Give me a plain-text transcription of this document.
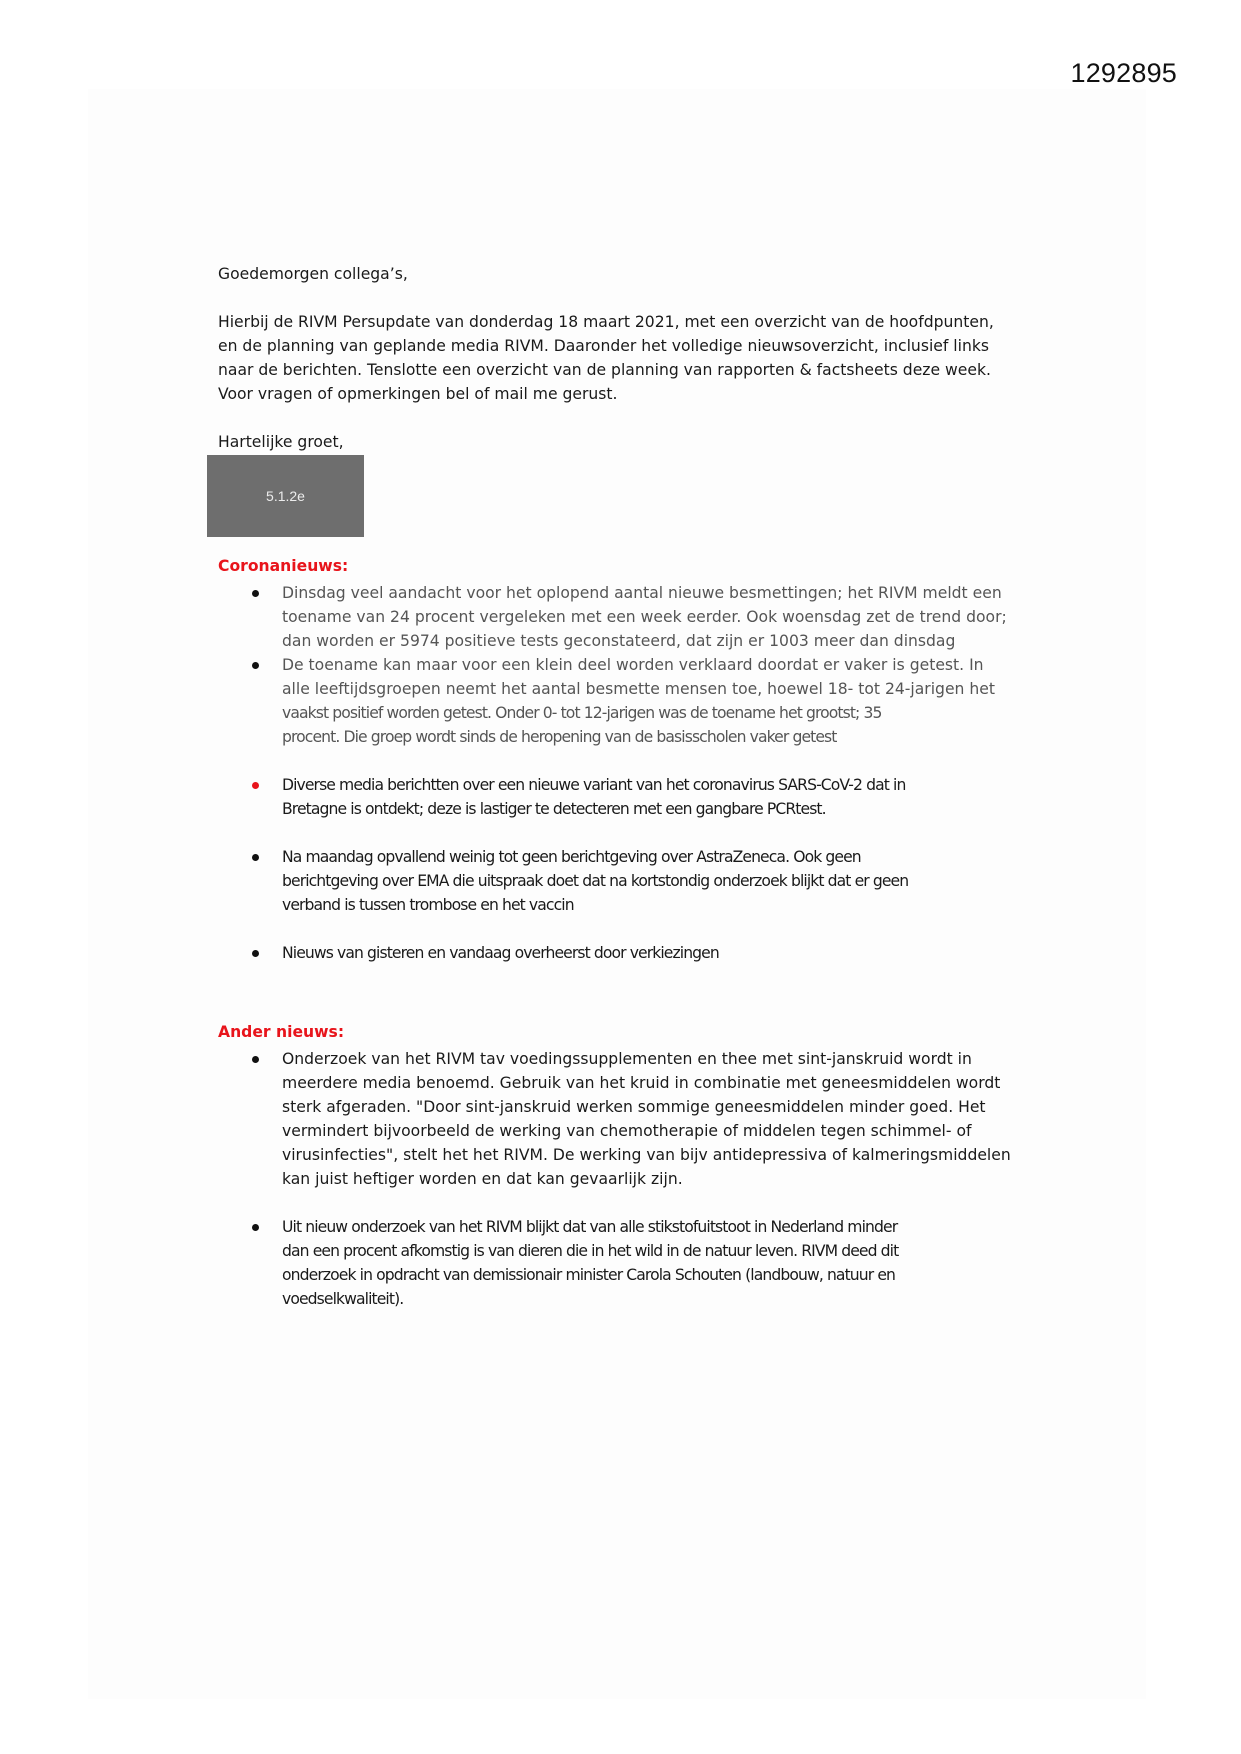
1292895

Goedemorgen collega’s,

Hierbij de RIVM Persupdate van donderdag 18 maart 2021, met een overzicht van de hoofdpunten,
en de planning van geplande media RIVM. Daaronder het volledige nieuwsoverzicht, inclusief links
naar de berichten. Tenslotte een overzicht van de planning van rapporten & factsheets deze week.
Voor vragen of opmerkingen bel of mail me gerust.

Hartelijke groet,

5.1.2e
Coronanieuws:
Dinsdag veel aandacht voor het oplopend aantal nieuwe besmettingen; het RIVM meldt een
toename van 24 procent vergeleken met een week eerder. Ook woensdag zet de trend door;
dan worden er 5974 positieve tests geconstateerd, dat zijn er 1003 meer dan dinsdag
De toename kan maar voor een klein deel worden verklaard doordat er vaker is getest. In
alle leeftijdsgroepen neemt het aantal besmette mensen toe, hoewel 18- tot 24-jarigen het
vaakst positief worden getest. Onder 0- tot 12-jarigen was de toename het grootst; 35
procent. Die groep wordt sinds de heropening van de basisscholen vaker getest
Diverse media berichtten over een nieuwe variant van het coronavirus SARS-CoV-2 dat in
Bretagne is ontdekt; deze is lastiger te detecteren met een gangbare PCRtest.
Na maandag opvallend weinig tot geen berichtgeving over AstraZeneca. Ook geen
berichtgeving over EMA die uitspraak doet dat na kortstondig onderzoek blijkt dat er geen
verband is tussen trombose en het vaccin
Nieuws van gisteren en vandaag overheerst door verkiezingen
Ander nieuws:
Onderzoek van het RIVM tav voedingssupplementen en thee met sint-janskruid wordt in
meerdere media benoemd. Gebruik van het kruid in combinatie met geneesmiddelen wordt
sterk afgeraden. "Door sint-janskruid werken sommige geneesmiddelen minder goed. Het
vermindert bijvoorbeeld de werking van chemotherapie of middelen tegen schimmel- of
virusinfecties", stelt het het RIVM. De werking van bijv antidepressiva of kalmeringsmiddelen
kan juist heftiger worden en dat kan gevaarlijk zijn.
Uit nieuw onderzoek van het RIVM blijkt dat van alle stikstofuitstoot in Nederland minder
dan een procent afkomstig is van dieren die in het wild in de natuur leven. RIVM deed dit
onderzoek in opdracht van demissionair minister Carola Schouten (landbouw, natuur en
voedselkwaliteit).
